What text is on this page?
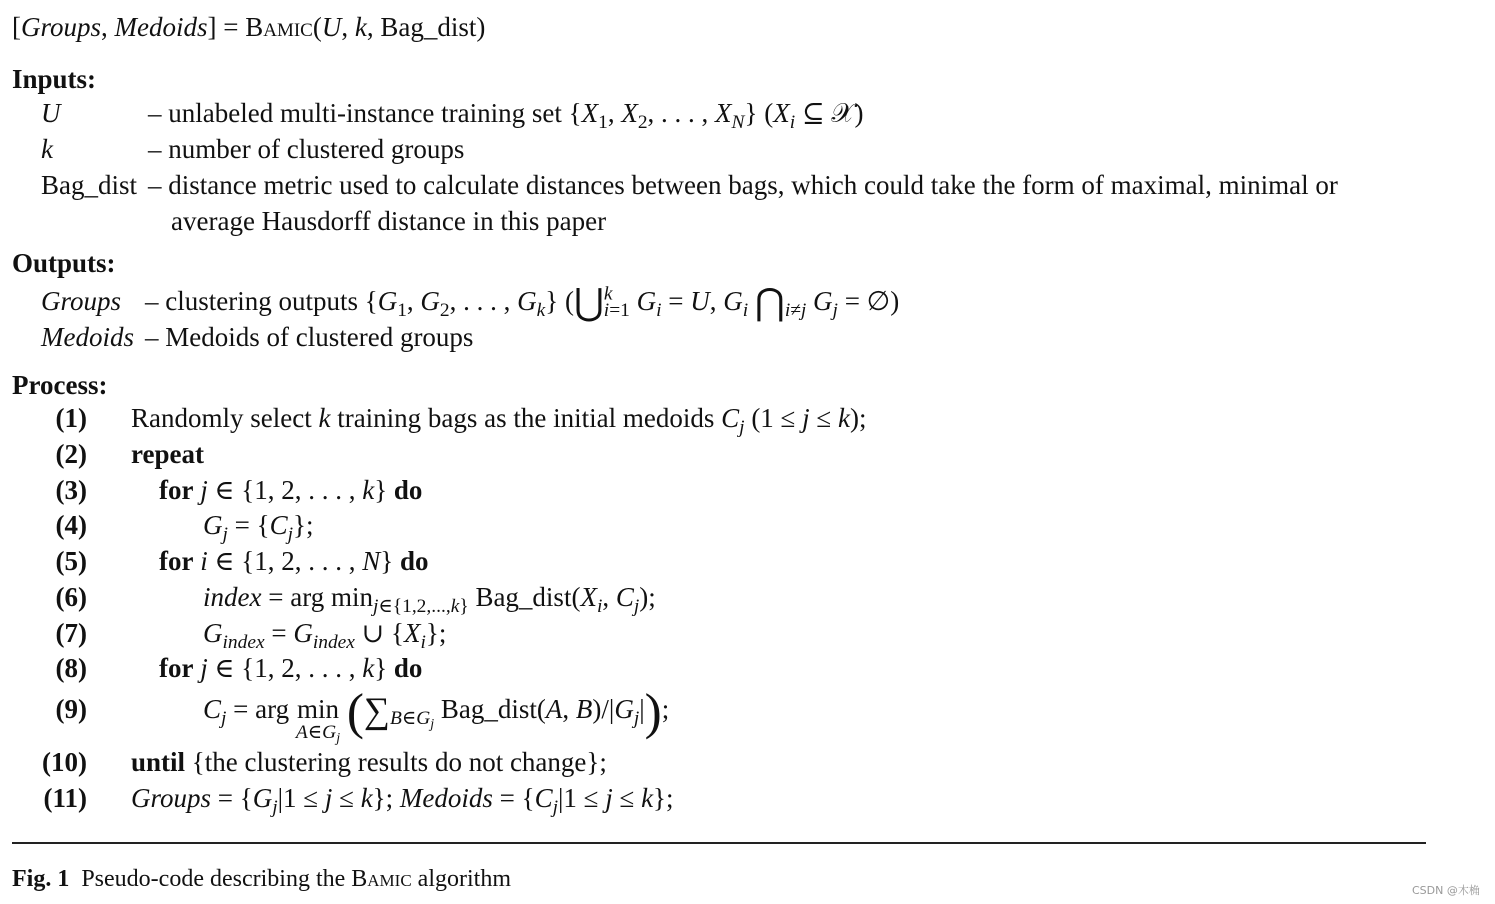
[Groups, Medoids] = Bamic(U, k, Bag_dist)
Inputs:
U	– unlabeled multi-instance training set {$X_1$, $X_2$, . . . , $X_N$} ($X_i$ ⊆ 𝒳)
k	– number of clustered groups
Bag_dist – distance metric used to calculate distances between bags, which could take the form of maximal, minimal or
average Hausdorff distance in this paper
Outputs:
Groups – clustering outputs {$G_1$, $G_2$, . . . , $G_k$} (⋃$^k_{i=1}$ $G_i = U$, $G_i$ $⋂_{i\ne j}$ $G_j$ = ∅)
Medoids – Medoids of clustered groups
Process:
(1) Randomly select k training bags as the initial medoids $C_j$ (1 ≤ j ≤ k);
(2) repeat
(3)	for j ∈ {1, 2, . . . , k} do
(4)	$G_j = \{C_j\}$;
(5)	for i ∈ {1, 2, . . . , N} do
(6)	index = arg $\min_{j\in\{1,2,...,k\}}$ $Bag\_dist(X_i$, $C_j$);
(7)	$G_{index} = G_{index}$ ∪ $\{X_i\}$;
(8)	for j ∈ {1, 2, . . . , k} do
(9)	$C_j$ = arg min
$A\in G_j$ ($\sum_{B\in G_j}$ Bag_dist(A, $B)/|G_j|$);
(10) until {the clustering results do not change};
(11) Groups = $\{G_j|1 \le j \le k\}$; Medoids = $\{C_j|1 \le j \le k\}$;
Fig. 1 Pseudo-code describing the Bamic algorithm	CSDN @木桷
